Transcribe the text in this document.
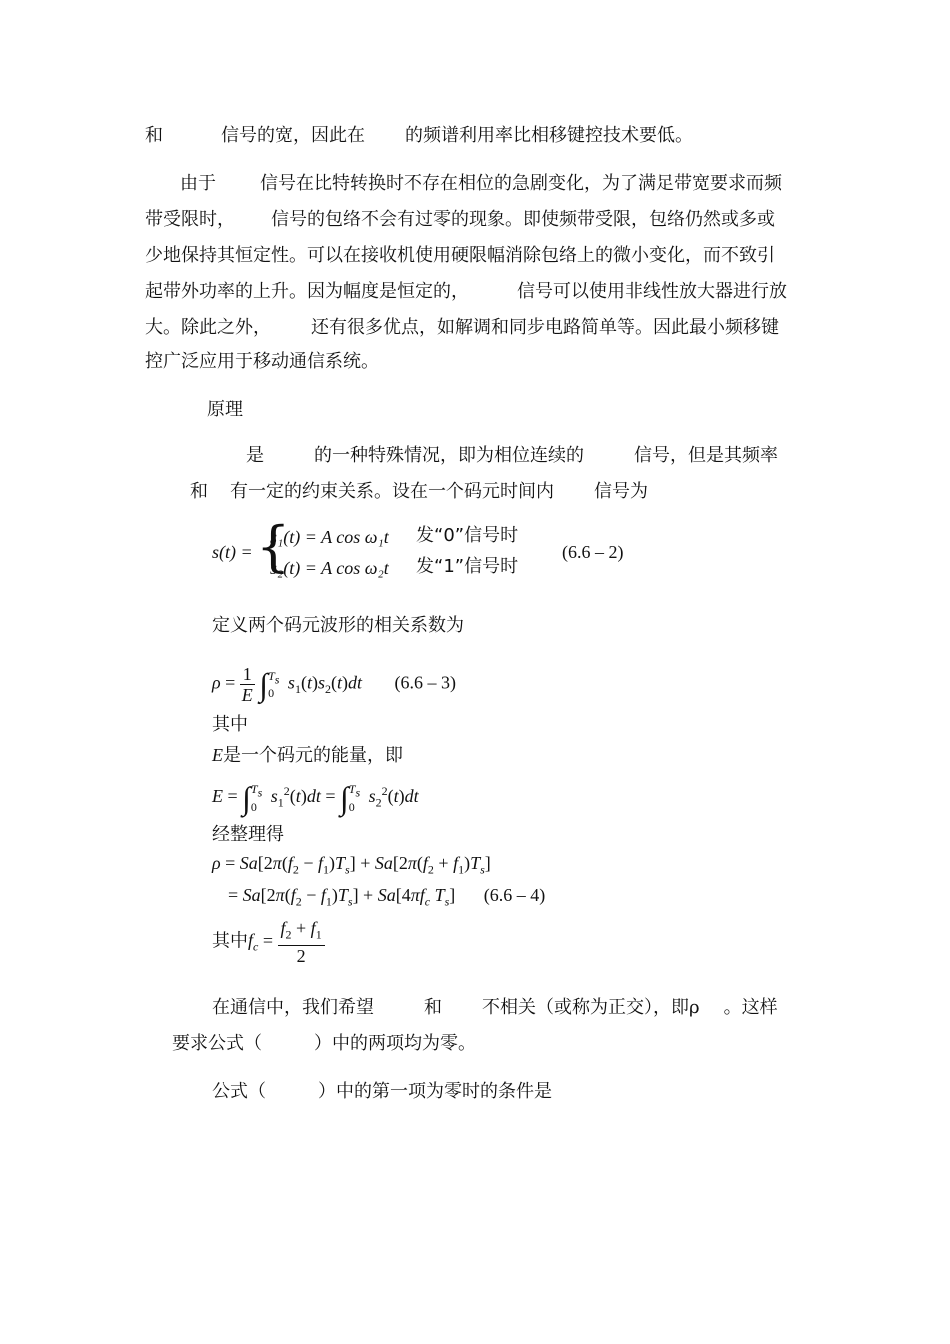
和	信号的宽，因此在 的频谱利用率比相移键控技术要低。
由于 信号在比特转换时不存在相位的急剧变化，为了满足带宽要求而频
带受限时， 信号的包络不会有过零的现象。即使频带受限，包络仍然或多或
少地保持其恒定性。可以在接收机使用硬限幅消除包络上的微小变化，而不致引
起带外功率的上升。因为幅度是恒定的，	信号可以使用非线性放大器进行放
大。除此之外， 还有很多优点，如解调和同步电路简单等。因此最小频移键
控广泛应用于移动通信系统。
原理
是	的一种特殊情况，即为相位连续的	信号，但是其频率
和 有一定的约束关系。设在一个码元时间内 信号为
s(t) = {
s₁(t) = A cos ω₁t 发“0”信号时
s₂(t) = A cos ω₂t 发“1”信号时
(6.6 – 2)
定义两个码元波形的相关系数为
$\rho = \frac{1}{E}$ ∫ $T_s$
0
$s_1(t)s_2(t)dt$ (6.6 – 3)
其中
E是一个码元的能量，即
E = ∫ $T_s$
0
$s_1^2(t)dt$ = ∫ $T_s$
0
$s_2^2(t)dt$
经整理得
$\rho = Sa[2\pi(f_2 - f_1)T_s] + Sa[2\pi(f_2 + f_1)T_s]$
= $Sa[2\pi(f_2 - f_1)T_s] + Sa[4\pi f_c$ $T_s$] (6.6 – 4)
其中$f_c = \frac{f_2 + f_1}{2}$
在通信中，我们希望	和 不相关（或称为正交），即ρ 。这样
要求公式（	）中的两项均为零。
公式（	）中的第一项为零时的条件是
